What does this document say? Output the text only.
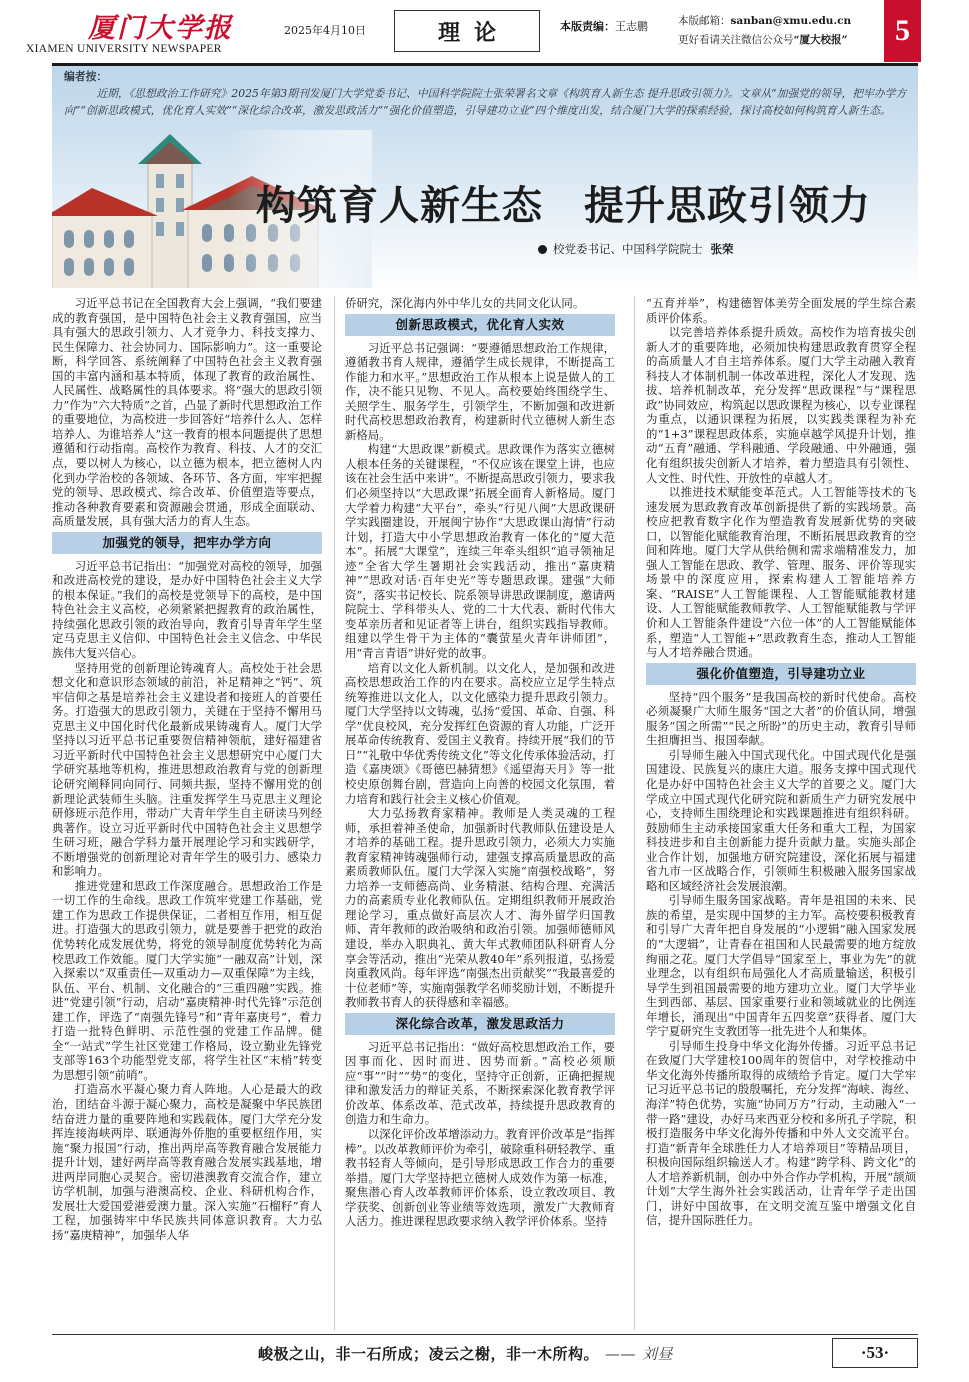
厦门大学报
XIAMEN UNIVERSITY NEWSPAPER
2025年4月10日	理论	本版责编：王志鹏	本版邮箱：sanban@xmu.edu.cn
更好看请关注微信公众号“厦大校报”	5
编者按：
近期，《思想政治工作研究》2025年第3期刊发厦门大学党委书记、中国科学院院士张荣署名文章《构筑育人新生态 提升思政引领力》。文章从“加强党的领导，把牢办学方向”“创新思政模式，优化育人实效”“深化综合改革，激发思政活力”“强化价值塑造，引导建功立业”四个维度出发，结合厦门大学的探索经验，探讨高校如何构筑育人新生态。
构筑育人新生态　提升思政引领力
校党委书记、中国科学院院士 张荣

习近平总书记在全国教育大会上强调，“我们要建成的教育强国，是中国特色社会主义教育强国，应当具有强大的思政引领力、人才竞争力、科技支撑力、民生保障力、社会协同力、国际影响力”。这一重要论断，科学回答、系统阐释了中国特色社会主义教育强国的丰富内涵和基本特质，体现了教育的政治属性、人民属性、战略属性的具体要求。将“强大的思政引领力”作为“六大特质”之首，凸显了新时代思想政治工作的重要地位，为高校进一步回答好“培养什么人、怎样培养人、为谁培养人”这一教育的根本问题提供了思想遵循和行动指南。高校作为教育、科技、人才的交汇点，要以树人为核心，以立德为根本，把立德树人内化到办学治校的各领域、各环节、各方面，牢牢把握党的领导、思政模式、综合改革、价值塑造等要点，推动各种教育要素和资源融会贯通，形成全面联动、高质量发展，具有强大活力的育人生态。

加强党的领导，把牢办学方向

习近平总书记指出：“加强党对高校的领导，加强和改进高校党的建设，是办好中国特色社会主义大学的根本保证。”我们的高校是党领导下的高校，是中国特色社会主义高校，必须紧紧把握教育的政治属性，持续强化思政引领的政治导向，教育引导青年学生坚定马克思主义信仰、中国特色社会主义信念、中华民族伟大复兴信心。

坚持用党的创新理论铸魂育人。高校处于社会思想文化和意识形态领域的前沿，补足精神之“钙”、筑牢信仰之基是培养社会主义建设者和接班人的首要任务。打造强大的思政引领力，关键在于坚持不懈用马克思主义中国化时代化最新成果铸魂育人。厦门大学坚持以习近平总书记重要贺信精神领航，建好福建省习近平新时代中国特色社会主义思想研究中心厦门大学研究基地等机构，推进思想政治教育与党的创新理论研究阐释同向同行、同频共振，坚持不懈用党的创新理论武装师生头脑。注重发挥学生马克思主义理论研修班示范作用，带动广大青年学生自主研读马列经典著作。设立习近平新时代中国特色社会主义思想学生研习班，融合学科力量开展理论学习和实践研学，不断增强党的创新理论对青年学生的吸引力、感染力和影响力。

推进党建和思政工作深度融合。思想政治工作是一切工作的生命线。思政工作筑牢党建工作基础，党建工作为思政工作提供保证，二者相互作用，相互促进。打造强大的思政引领力，就是要善于把党的政治优势转化成发展优势，将党的领导制度优势转化为高校思政工作效能。厦门大学实施“一融双高”计划，深入探索以“双重责任—双重动力—双重保障”为主线，队伍、平台、机制、文化融合的“三重四融”实践。推进“党建引领”行动，启动“嘉庚精神·时代先锋”示范创建工作，评选了“南强先锋号”和“青年嘉庚号”，着力打造一批特色鲜明、示范性强的党建工作品牌。健全“一站式”学生社区党建工作格局，设立勤业先锋党支部等163个功能型党支部，将学生社区“末梢”转变为思想引领“前哨”。

打造高水平凝心聚力育人阵地。人心是最大的政治，团结奋斗源于凝心聚力，高校是凝聚中华民族团结奋进力量的重要阵地和实践载体。厦门大学充分发挥连接海峡两岸、联通海外侨胞的重要枢纽作用，实施“聚力报国”行动，推出两岸高等教育融合发展能力提升计划，建好两岸高等教育融合发展实践基地，增进两岸同胞心灵契合。密切港澳教育交流合作，建立访学机制，加强与港澳高校、企业、科研机构合作，发展壮大爱国爱港爱澳力量。深入实施“石榴籽”育人工程，加强铸牢中华民族共同体意识教育。大力弘扬“嘉庚精神”，加强华人华

侨研究，深化海内外中华儿女的共同文化认同。

创新思政模式，优化育人实效

习近平总书记强调：“要遵循思想政治工作规律，遵循教书育人规律，遵循学生成长规律，不断提高工作能力和水平。”思想政治工作从根本上说是做人的工作，决不能只见物、不见人。高校要始终围绕学生、关照学生、服务学生，引领学生，不断加强和改进新时代高校思想政治教育，构建新时代立德树人新生态新格局。

构建“大思政课”新模式。思政课作为落实立德树人根本任务的关键课程，“不仅应该在课堂上讲，也应该在社会生活中来讲”。不断提高思政引领力，要求我们必须坚持以“大思政课”拓展全面育人新格局。厦门大学着力构建“大平台”，牵头“行见八闽”大思政课研学实践圈建设，开展闽宁协作“大思政课山海情”行动计划，打造大中小学思想政治教育一体化的“厦大范本”。拓展“大课堂”，连续三年牵头组织“追寻领袖足迹”全省大学生暑期社会实践活动，推出“嘉庚精神”“思政对话·百年史光”等专题思政课。建强“大师资”，落实书记校长、院系领导讲思政课制度，邀请两院院士、学科带头人、党的二十大代表、新时代伟大变革亲历者和见证者等上讲台，组织实践指导教师。组建以学生骨干为主体的“囊萤星火青年讲师团”，用“青言青语”讲好党的故事。

培育以文化人新机制。以文化人，是加强和改进高校思想政治工作的内在要求。高校应立足学生特点统筹推进以文化人，以文化感染力提升思政引领力。厦门大学坚持以文铸魂，弘扬“爱国、革命、自强、科学”优良校风，充分发挥红色资源的育人功能，广泛开展革命传统教育、爱国主义教育。持续开展“我们的节日”“礼敬中华优秀传统文化”等文化传承体验活动，打造《嘉庚颂》《哥德巴赫猜想》《遥望海天月》等一批校史原创舞台剧，营造向上向善的校园文化氛围，着力培育和践行社会主义核心价值观。

大力弘扬教育家精神。教师是人类灵魂的工程师，承担着神圣使命，加强新时代教师队伍建设是人才培养的基础工程。提升思政引领力，必须大力实施教育家精神铸魂强师行动，建强支撑高质量思政的高素质教师队伍。厦门大学深入实施“南强校战略”，努力培养一支师德高尚、业务精湛、结构合理、充满活力的高素质专业化教师队伍。定期组织教师开展政治理论学习，重点做好高层次人才、海外留学归国教师、青年教师的政治吸纳和政治引领。加强师德师风建设，举办入职典礼、黄大年式教师团队科研育人分享会等活动，推出“光荣从教40年”系列报道，弘扬爱岗重教风尚。每年评选“南强杰出贡献奖”“我最喜爱的十位老师”等，实施南强教学名师奖励计划，不断提升教师教书育人的获得感和幸福感。

深化综合改革，激发思政活力

习近平总书记指出：“做好高校思想政治工作，要因事而化、因时而进、因势而新。”高校必须顺应“事”“时”“势”的变化，坚持守正创新，正确把握规律和激发活力的辩证关系，不断探索深化教育教学评价改革、体系改革、范式改革，持续提升思政教育的创造力和生命力。

以深化评价改革增添动力。教育评价改革是“指挥棒”。以改革教师评价为牵引，破除重科研轻教学、重教书轻育人等倾向，是引导形成思政工作合力的重要举措。厦门大学坚持把立德树人成效作为第一标准，聚焦潜心育人改革教师评价体系，设立教改项目、教学获奖、创新创业等业绩等效选项，激发广大教师育人活力。推进课程思政要求纳入教学评价体系。坚持

“五育并举”，构建德智体美劳全面发展的学生综合素质评价体系。

以完善培养体系提升质效。高校作为培育拔尖创新人才的重要阵地，必须加快构建思政教育贯穿全程的高质量人才自主培养体系。厦门大学主动融入教育科技人才体制机制一体改革进程，深化人才发现、选拔、培养机制改革，充分发挥“思政课程”与“课程思政”协同效应，构筑起以思政课程为核心，以专业课程为重点，以通识课程为拓展，以实践类课程为补充的“1+3”课程思政体系，实施卓越学风提升计划，推动“五育”融通、学科融通、学段融通、中外融通，强化有组织拔尖创新人才培养，着力塑造具有引领性、人文性、时代性、开放性的卓越人才。

以推进技术赋能变革范式。人工智能等技术的飞速发展为思政教育改革创新提供了新的实践场景。高校应把教育数字化作为塑造教育发展新优势的突破口，以智能化赋能教育治理，不断拓展思政教育的空间和阵地。厦门大学从供给侧和需求端精准发力，加强人工智能在思政、教学、管理、服务、评价等现实场景中的深度应用，探索构建人工智能培养方案、“RAISE”人工智能课程、人工智能赋能教材建设、人工智能赋能教师教学、人工智能赋能教与学评价和人工智能条件建设“六位一体”的人工智能赋能体系，塑造“人工智能+”思政教育生态，推动人工智能与人才培养融合贯通。

强化价值塑造，引导建功立业

坚持“四个服务”是我国高校的新时代使命。高校必须凝聚广大师生服务“国之大者”的价值认同，增强服务“国之所需”“民之所盼”的历史主动，教育引导师生担膺担当、报国奉献。

引导师生融入中国式现代化。中国式现代化是强国建设、民族复兴的康庄大道。服务支撑中国式现代化是办好中国特色社会主义大学的首要之义。厦门大学成立中国式现代化研究院和新质生产力研究发展中心，支持师生围绕理论和实践课题推进有组织科研。鼓励师生主动承接国家重大任务和重大工程，为国家科技进步和自主创新能力提升贡献力量。实施头部企业合作计划，加强地方研究院建设，深化拓展与福建省九市一区战略合作，引领师生积极融入服务国家战略和区域经济社会发展浪潮。

引导师生服务国家战略。青年是祖国的未来、民族的希望，是实现中国梦的主力军。高校要积极教育和引导广大青年把自身发展的“小逻辑”融入国家发展的“大逻辑”，让青春在祖国和人民最需要的地方绽放绚丽之花。厦门大学倡导“国家至上，事业为先”的就业理念，以有组织布局强化人才高质量输送，积极引导学生到祖国最需要的地方建功立业。厦门大学毕业生到西部、基层、国家重要行业和领域就业的比例连年增长，涌现出“中国青年五四奖章”获得者、厦门大学宁夏研究生支教团等一批先进个人和集体。

引导师生投身中华文化海外传播。习近平总书记在致厦门大学建校100周年的贺信中，对学校推动中华文化海外传播所取得的成绩给予肯定。厦门大学牢记习近平总书记的殷殷嘱托，充分发挥“海峡、海丝、海洋”特色优势，实施“协同万方”行动，主动融入“一带一路”建设，办好马来西亚分校和多所孔子学院，积极打造服务中华文化海外传播和中外人文交流平台。打造“新青年全球胜任力人才培养项目”等精品项目，积极向国际组织输送人才。构建“跨学科、跨文化”的人才培养新机制，创办中外合作办学机构，开展“颉颃计划”大学生海外社会实践活动，让青年学子走出国门，讲好中国故事，在文明交流互鉴中增强文化自信，提升国际胜任力。

峻极之山，非一石所成；凌云之榭，非一木所构。 —— 刘昼	·53·
